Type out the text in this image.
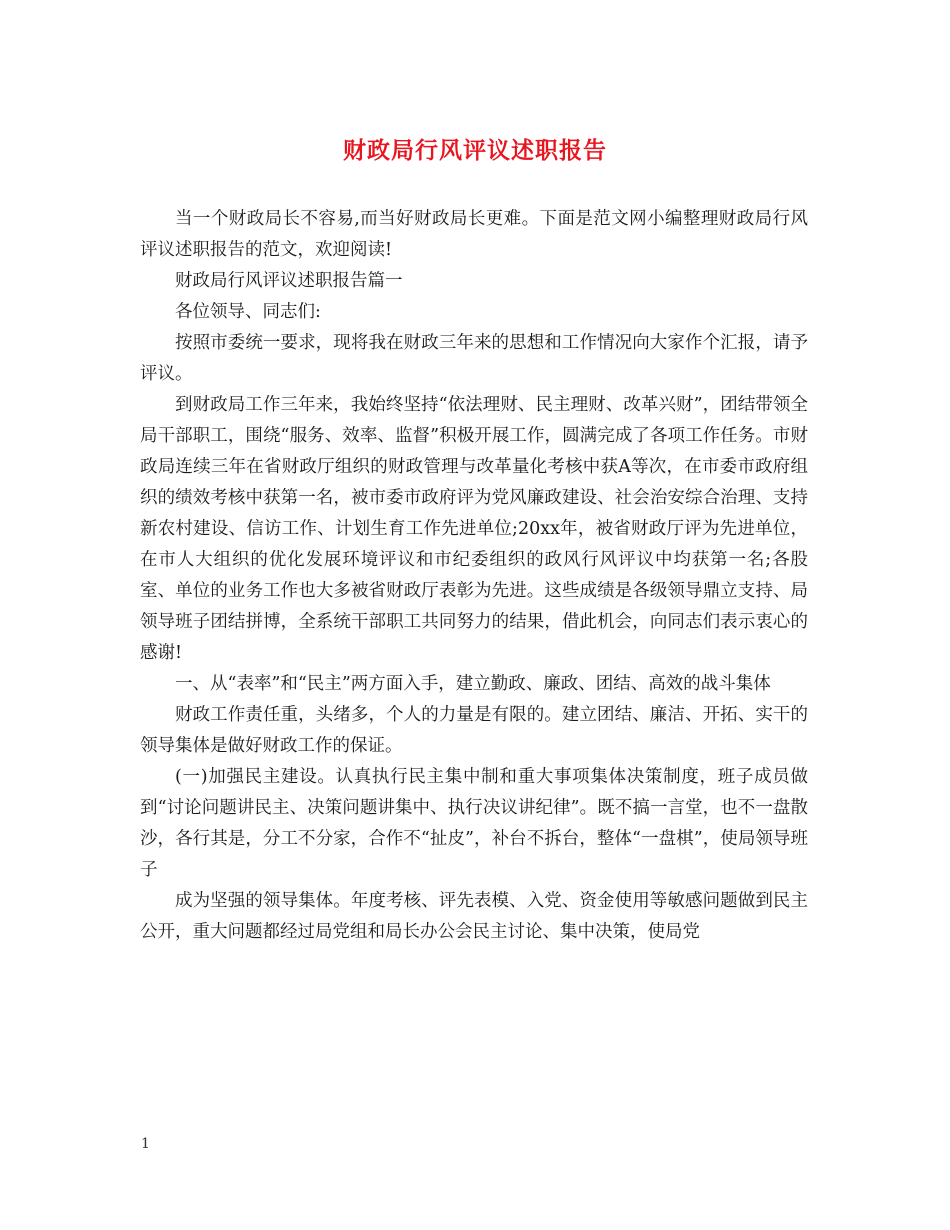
财政局行风评议述职报告

当一个财政局长不容易,而当好财政局长更难。下面是范文网小编整理财政局行风评议述职报告的范文，欢迎阅读!

财政局行风评议述职报告篇一

各位领导、同志们:

按照市委统一要求，现将我在财政三年来的思想和工作情况向大家作个汇报，请予评议。

到财政局工作三年来，我始终坚持“依法理财、民主理财、改革兴财”，团结带领全局干部职工，围绕“服务、效率、监督”积极开展工作，圆满完成了各项工作任务。市财政局连续三年在省财政厅组织的财政管理与改革量化考核中获A等次，在市委市政府组织的绩效考核中获第一名，被市委市政府评为党风廉政建设、社会治安综合治理、支持新农村建设、信访工作、计划生育工作先进单位;20xx年，被省财政厅评为先进单位，在市人大组织的优化发展环境评议和市纪委组织的政风行风评议中均获第一名;各股室、单位的业务工作也大多被省财政厅表彰为先进。这些成绩是各级领导鼎立支持、局领导班子团结拼博，全系统干部职工共同努力的结果，借此机会，向同志们表示衷心的感谢!

一、从“表率”和“民主”两方面入手，建立勤政、廉政、团结、高效的战斗集体

财政工作责任重，头绪多，个人的力量是有限的。建立团结、廉洁、开拓、实干的领导集体是做好财政工作的保证。

(一)加强民主建设。认真执行民主集中制和重大事项集体决策制度，班子成员做到“讨论问题讲民主、决策问题讲集中、执行决议讲纪律”。既不搞一言堂，也不一盘散沙，各行其是，分工不分家，合作不“扯皮”，补台不拆台，整体“一盘棋”，使局领导班子

成为坚强的领导集体。年度考核、评先表模、入党、资金使用等敏感问题做到民主公开，重大问题都经过局党组和局长办公会民主讨论、集中决策，使局党

1
